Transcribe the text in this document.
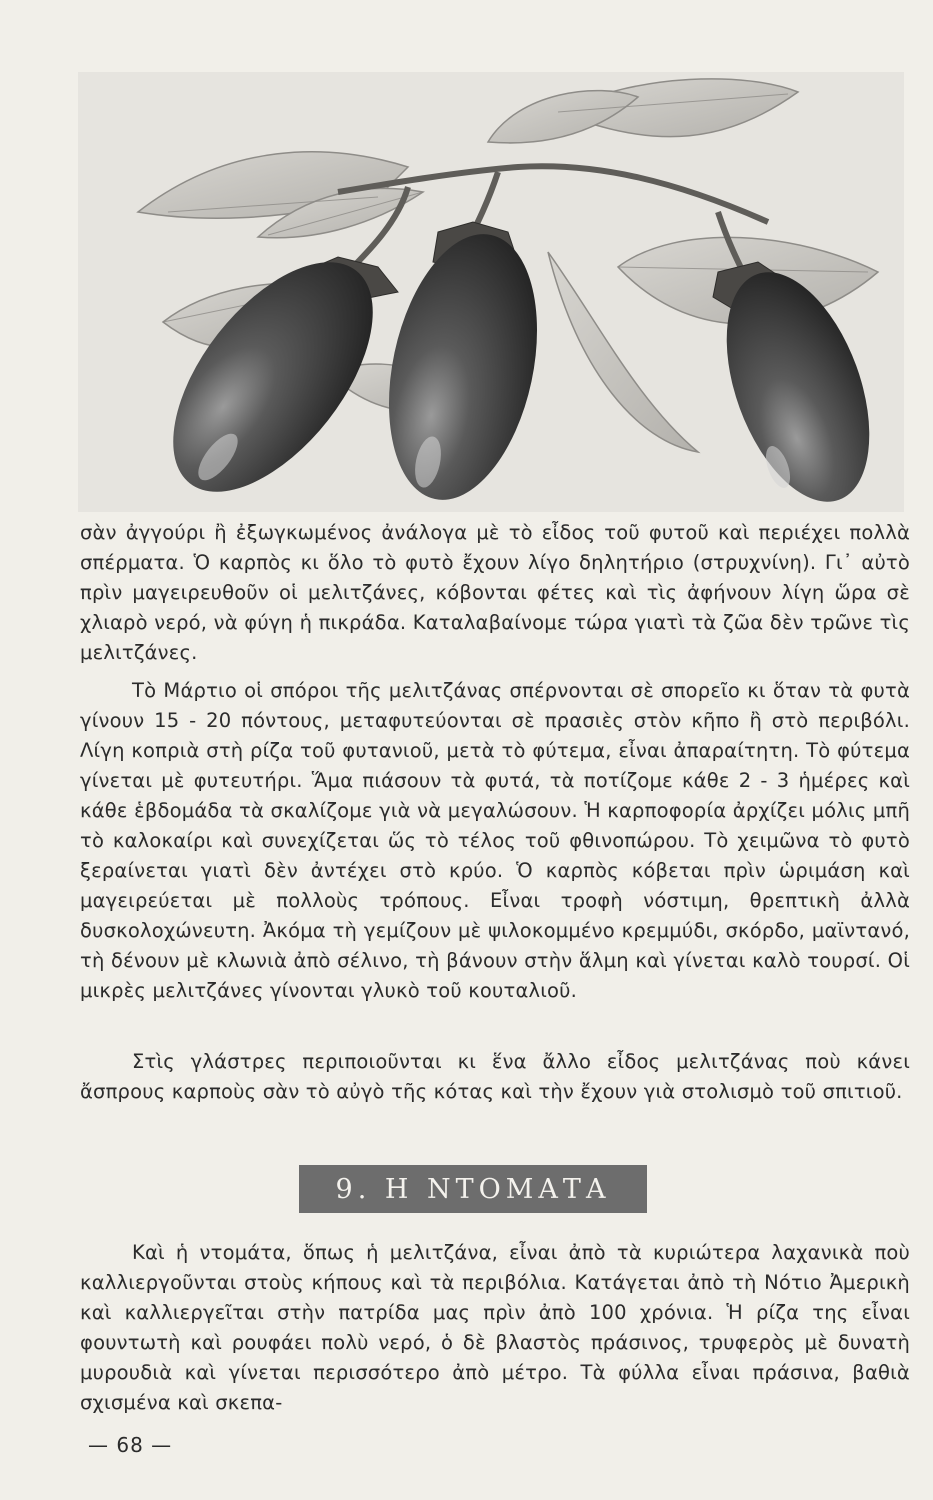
σὰν ἀγγούρι ἢ ἐξωγκωμένος ἀνάλογα μὲ τὸ εἶδος τοῦ φυτοῦ καὶ περιέχει πολλὰ σπέρματα. Ὁ καρπὸς κι ὅλο τὸ φυτὸ ἔχουν λίγο δηλητήριο (στρυχνίνη). Γι᾿ αὐτὸ πρὶν μαγειρευθοῦν οἱ μελιτζάνες, κόβονται φέτες καὶ τὶς ἀφήνουν λίγη ὥρα σὲ χλιαρὸ νερό, νὰ φύγη ἡ πικράδα. Καταλαβαίνομε τώρα γιατὶ τὰ ζῶα δὲν τρῶνε τὶς μελιτζάνες.

Τὸ Μάρτιο οἱ σπόροι τῆς μελιτζάνας σπέρνονται σὲ σπορεῖο κι ὅταν τὰ φυτὰ γίνουν 15 - 20 πόντους, μεταφυτεύονται σὲ πρασιὲς στὸν κῆπο ἢ στὸ περιβόλι. Λίγη κοπριὰ στὴ ρίζα τοῦ φυτανιοῦ, μετὰ τὸ φύτεμα, εἶναι ἀπαραίτητη. Τὸ φύτεμα γίνεται μὲ φυτευτήρι. Ἅμα πιάσουν τὰ φυτά, τὰ ποτίζομε κάθε 2 - 3 ἡμέρες καὶ κάθε ἑβδομάδα τὰ σκαλίζομε γιὰ νὰ μεγαλώσουν. Ἡ καρποφορία ἀρχίζει μόλις μπῆ τὸ καλοκαίρι καὶ συνεχίζεται ὥς τὸ τέλος τοῦ φθινοπώρου. Τὸ χειμῶνα τὸ φυτὸ ξεραίνεται γιατὶ δὲν ἀντέχει στὸ κρύο. Ὁ καρπὸς κόβεται πρὶν ὡριμάση καὶ μαγειρεύεται μὲ πολλοὺς τρόπους. Εἶναι τροφὴ νόστιμη, θρεπτικὴ ἀλλὰ δυσκολοχώνευτη. Ἀκόμα τὴ γεμίζουν μὲ ψιλοκομμένο κρεμμύδι, σκόρδο, μαϊντανό, τὴ δένουν μὲ κλωνιὰ ἀπὸ σέλινο, τὴ βάνουν στὴν ἅλμη καὶ γίνεται καλὸ τουρσί. Οἱ μικρὲς μελιτζάνες γίνονται γλυκὸ τοῦ κουταλιοῦ.

Στὶς γλάστρες περιποιοῦνται κι ἕνα ἄλλο εἶδος μελιτζάνας ποὺ κάνει ἄσπρους καρποὺς σὰν τὸ αὐγὸ τῆς κότας καὶ τὴν ἔχουν γιὰ στολισμὸ τοῦ σπιτιοῦ.

9. Η ΝΤΟΜΑΤΑ

Καὶ ἡ ντομάτα, ὅπως ἡ μελιτζάνα, εἶναι ἀπὸ τὰ κυριώτερα λαχανικὰ ποὺ καλλιεργοῦνται στοὺς κήπους καὶ τὰ περιβόλια. Κατάγεται ἀπὸ τὴ Νότιο Ἀμερικὴ καὶ καλλιεργεῖται στὴν πατρίδα μας πρὶν ἀπὸ 100 χρόνια. Ἡ ρίζα της εἶναι φουντωτὴ καὶ ρουφάει πολὺ νερό, ὁ δὲ βλαστὸς πράσινος, τρυφερὸς μὲ δυνατὴ μυρουδιὰ καὶ γίνεται περισσότερο ἀπὸ μέτρο. Τὰ φύλλα εἶναι πράσινα, βαθιὰ σχισμένα καὶ σκεπα-

— 68 —
